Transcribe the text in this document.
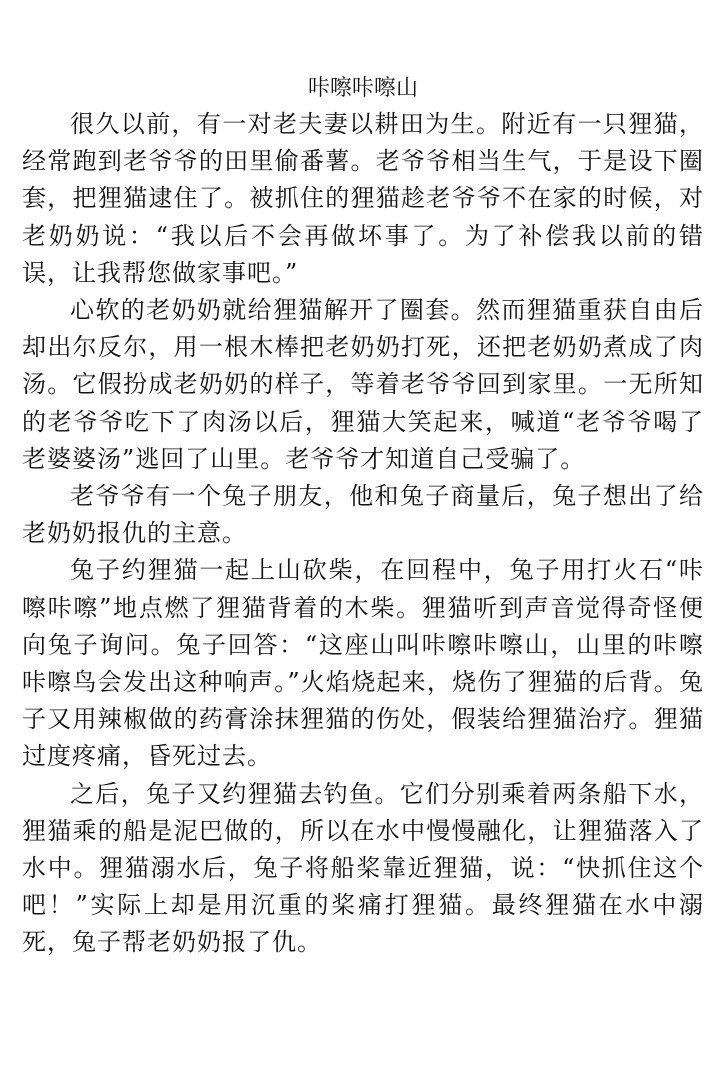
咔嚓咔嚓山

很久以前，有一对老夫妻以耕田为生。附近有一只狸猫，经常跑到老爷爷的田里偷番薯。老爷爷相当生气，于是设下圈套，把狸猫逮住了。被抓住的狸猫趁老爷爷不在家的时候，对老奶奶说：“我以后不会再做坏事了。为了补偿我以前的错误，让我帮您做家事吧。”

心软的老奶奶就给狸猫解开了圈套。然而狸猫重获自由后却出尔反尔，用一根木棒把老奶奶打死，还把老奶奶煮成了肉汤。它假扮成老奶奶的样子，等着老爷爷回到家里。一无所知的老爷爷吃下了肉汤以后，狸猫大笑起来，喊道“老爷爷喝了老婆婆汤”逃回了山里。老爷爷才知道自己受骗了。

老爷爷有一个兔子朋友，他和兔子商量后，兔子想出了给老奶奶报仇的主意。

兔子约狸猫一起上山砍柴，在回程中，兔子用打火石“咔嚓咔嚓”地点燃了狸猫背着的木柴。狸猫听到声音觉得奇怪便向兔子询问。兔子回答：“这座山叫咔嚓咔嚓山，山里的咔嚓咔嚓鸟会发出这种响声。”火焰烧起来，烧伤了狸猫的后背。兔子又用辣椒做的药膏涂抹狸猫的伤处，假装给狸猫治疗。狸猫过度疼痛，昏死过去。

之后，兔子又约狸猫去钓鱼。它们分别乘着两条船下水，狸猫乘的船是泥巴做的，所以在水中慢慢融化，让狸猫落入了水中。狸猫溺水后，兔子将船桨靠近狸猫，说：“快抓住这个吧！”实际上却是用沉重的桨痛打狸猫。最终狸猫在水中溺死，兔子帮老奶奶报了仇。
